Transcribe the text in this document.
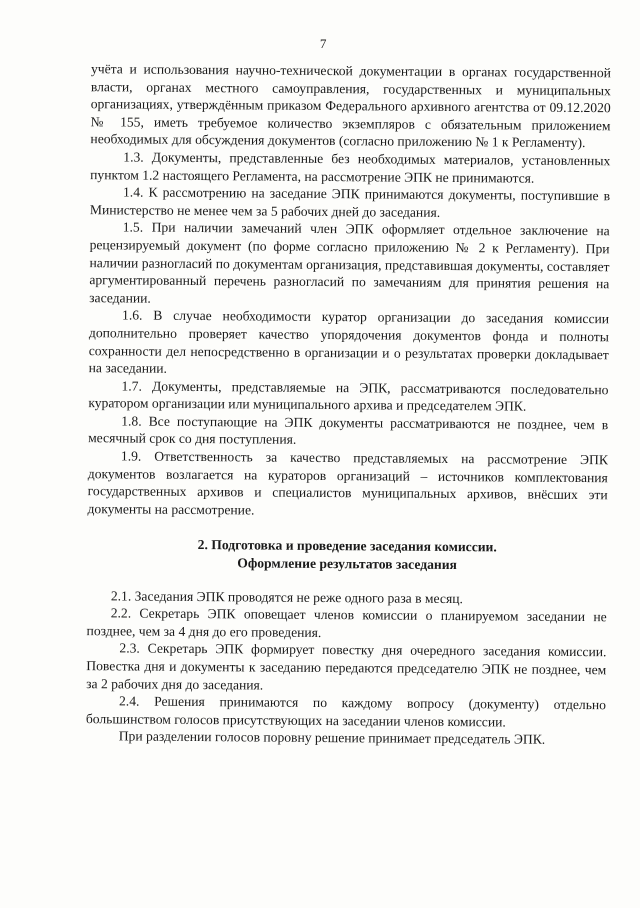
7

учёта и использования научно-технической документации в органах государственной власти, органах местного самоуправления, государственных и муниципальных организациях, утверждённым приказом Федерального архивного агентства от 09.12.2020 № 155, иметь требуемое количество экземпляров с обязательным приложением необходимых для обсуждения документов (согласно приложению № 1 к Регламенту).

1.3. Документы, представленные без необходимых материалов, установленных пунктом 1.2 настоящего Регламента, на рассмотрение ЭПК не принимаются.

1.4. К рассмотрению на заседание ЭПК принимаются документы, поступившие в Министерство не менее чем за 5 рабочих дней до заседания.

1.5. При наличии замечаний член ЭПК оформляет отдельное заключение на рецензируемый документ (по форме согласно приложению № 2 к Регламенту). При наличии разногласий по документам организация, представившая документы, составляет аргументированный перечень разногласий по замечаниям для принятия решения на заседании.

1.6. В случае необходимости куратор организации до заседания комиссии дополнительно проверяет качество упорядочения документов фонда и полноты сохранности дел непосредственно в организации и о результатах проверки докладывает на заседании.

1.7. Документы, представляемые на ЭПК, рассматриваются последовательно куратором организации или муниципального архива и председателем ЭПК.

1.8. Все поступающие на ЭПК документы рассматриваются не позднее, чем в месячный срок со дня поступления.

1.9. Ответственность за качество представляемых на рассмотрение ЭПК документов возлагается на кураторов организаций – источников комплектования государственных архивов и специалистов муниципальных архивов, внёсших эти документы на рассмотрение.

2. Подготовка и проведение заседания комиссии.
Оформление результатов заседания

2.1. Заседания ЭПК проводятся не реже одного раза в месяц.

2.2. Секретарь ЭПК оповещает членов комиссии о планируемом заседании не позднее, чем за 4 дня до его проведения.

2.3. Секретарь ЭПК формирует повестку дня очередного заседания комиссии. Повестка дня и документы к заседанию передаются председателю ЭПК не позднее, чем за 2 рабочих дня до заседания.

2.4. Решения принимаются по каждому вопросу (документу) отдельно большинством голосов присутствующих на заседании членов комиссии.

При разделении голосов поровну решение принимает председатель ЭПК.
